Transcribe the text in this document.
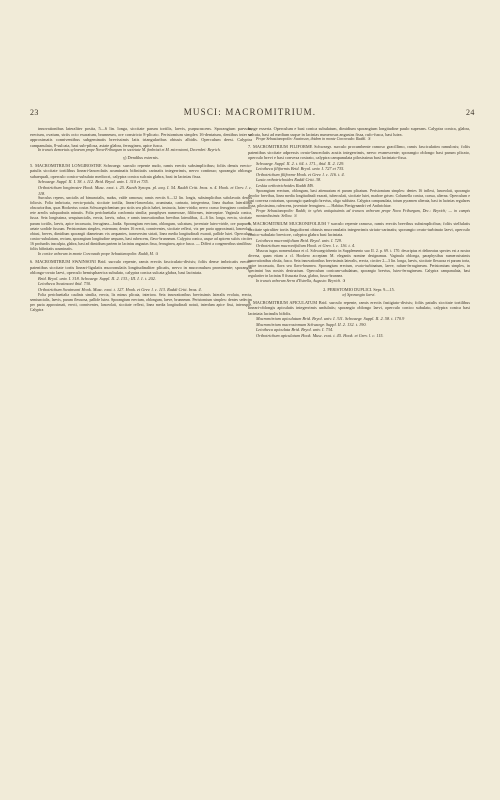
23	MUSCI: MACROMITRIUM.	24

innovationibus lateraliter posita, 5—6 lin. longa, siccitate parum tortilis, laevis, purpurascens. Sporangium parvum, erectum, ovatum, striis octo exaratum, brunneum, ore constricto 8-plicato. Peristomium simplex 16-dentatum, dentibus inter se approximatis conniventibus subgeminatis brevissimis latis triangularibus obtusis albidis. Operculum deest. Calyptra campanulata, 8-sulcata, basi sub-pilosa, astate glabra, ferruginea, apice fusca.

In truncis demortuis sylvarum prope Nova-Friburgum in societate M. fimbriati et M. microstomi, Decembri: Beyrich.

γ) Dendilus externis.

5. MACROMITRIUM LONGIROSTRE Schwaegr. surculo repente nudo, ramis erectis subsimplicibus; foliis densis erecto-patulis siccitate tortilibus lineari-lanceolatis acuminatis bifinitatis carinatis integerrimis, nervo continuo; sporangio oblongo subaequali, operculo conico-subulato mediocri, calyptra conica sulcata glabra, basi in lacinias fissa.

Schwaegr. Suppl. II. I. 38. t. 112. Brid. Bryol. univ. I. 310 et 735.

Orthotrichum longirostre Hook. Musc. exot. t. 25. Kunth Synops. pl. aeq. I. 54. Raddi Critt. bras. n. 4. Hook. et Grev. l. c. 118.

Surculus repens, uncialis ad bimuncialis, nudus, valde ramosus; ramis erectis 6—12 lin. longis, subsimplicibus subclavatis densis foliosis. Folia imbricata, erecto-patula, siccitate tortilia, lineari-lanceolata, acuminata, carinata, integerrima, linea duabus lateralibus obscurioribus, quas Hookerius costas Schwaegrichenium pro striis seu plicis habet, instructa, luteo-viridia; nervo crasso ferrugineo continuo; rete areolis subquadratis minutis. Folia perichaetialia conformia similia; paraphyses numerosae, filiformes, interceptae. Vaginula conica, fusca. Seta longissima, sesquiuncialis, erecta, laevis, rubra, e ramis innovationibus brevibus lateralibus, 4—6 lin. longa, erecta, siccitate parum tortilis, laevis, apice incrassata, ferruginea—badia. Sporangium erectum, oblongum, sulcatum, juventute luteo-viride, ore purpureo, aetate sordide fuscum. Peristomium simplex, externum; dentes 16 erecti, conniventes, siccitate reflexi, vix per paria approximati, lanceolati, obtusi, breves, dimidium sporangii diametrum vix aequantes, transversim striati, linea media longitudinali exarati, pallide lutei. Operculum conico-subulatum, rectum, sporangium longitudine aequans, basi rubescens, flavo-brunneum. Calyptra conica, usque ad apicem sulcis circiter 16 profundis insculpta, glabra, basi ad dimidium partem in lacinias angustas fissa, ferruginea, apice fusca. — Differt a congeneribus similibus: foliis bifinitatis acuminatis.

In cortice arborum in monte Corcovado prope Sebastianopolin: Raddi, M. ♃

6. MACROMITRIUM SWAINSONI Brid. surculo repente, ramis erectis fasciculato-divisis; foliis dense imbricatis erecto-patentibus siccitate tortis lineari-ligulatis mucronulatis longitudinaliter plicatis, nervo in mucronulum prominente; sporangio oblongo-ovato laevi, operculo hemisphaerica subulato, calyptra conica sulcata glabra, basi laciniata.

Brid. Bryol. univ. I. 318. Schwaegr. Suppl. II. 2. 133.; III. I. 1. t. 202.

Leiotheca Swainsoni ibid. 730.

Orthotrichum Swainsoni Hook. Musc. exot. t. 127. Hook. et Grev. l. c. 113. Raddi Critt. bras. 4.

Folia perichaetialia caulinis similia, erecta, lis minus plicata, interiora. Seta innovationibus brevissimis lateralis evoluta, erecta, semiuncialis, laevis, parum flexuosa, pallide lutea. Sporangium erectum, oblongum, laeve, brunneum. Peristomium simplex: dentes sedecim per paria approximati, erecti, conniventes, lanceolati, siccitate reflexi, linea media longitudinali notati, interdum apice fissi, interrupte. Calyptra

longe exserta. Operculum e basi conica subulatum, dimidium sporangium longitudine paulo superans. Calyptra conica, glabra, sulcata, basi ad medium usque in lacinias numerosas angustas fissa, rufo-fusca, basi lutea.

Prope Sebastianopolin: Swainson, ibidem in monte Corcovado: Raddi. ♃

7. MACROMITRIUM FILIFORME Schwaegr. surculo procumbente ramoso gracillimo, ramis fasciculatim ramulosis; foliis patentibus siccitate adpressis ovato-lanceolatis acutis integerrimis, nervo evanescente; sporangio oblongo basi parum plicato, operculo brevi e basi convexa rostrato, calyptra campanulata pilosissima basi laciniato-fissa.

Schwaegr. Suppl. II. 2. t. 64. t. 171., ibid. II. 2. 129.

Leiotheca filiformis Brid. Bryol. univ. I. 727 et 735.

Orthotrichum filiforme Hook. et Grev. l. c. 116. t. 4.

Lasia orthotrichoides Raddi Critt. 38.

Leskia orthotrichoides Raddi MS.

Sporangium erectum, oblongum, basi attenuatum et parum plicatum. Peristomium simplex: dentes 16 inflexi, lanceolati, sporangio decolor brevibus, linea media longitudinali exarati, tuberculati, siccitate lutei, madore griseo. Columella conica, crassa, alterna. Operculum e basi convexa rostratum, sporangio quadruplo brevius, oligo sublutea. Calyptra campanulata, totum pyramen alterata, basi in lacinias regulares fissa, pilosissima, rufescens, juventute ferruginea. — Habitus Pterigynandri vel Anthrichiae.

Prope Sebastianopolin: Raddi; in sylvis antiquissimis ad truncos arborum prope Nova Friburgum, Dec.: Beyrich; — in campis montenlissimis: Sellow. ♃

8. MACROMITRIUM MUCRONIFOLIUM ? surculo repente ramoso, ramis erectis brevibus subsimplicibus; foliis stellulatis siccitate spiraliter tortis linguiformi obtusis mucronulatis integerrimis striato-carinatis; sporangio ovato-turbinato laevi, operculo conico-subulato breviore, calyptra glabra basi laciniata.

Leiotheca mucronifolium Brid. Bryol. univ. I. 729.

Orthotrichum mucronifolium Hook. et Grev. l. c. 116. t. 4.

Muscus iugus nomenclatura et cl. Schwaegrichenio in Supplemento suo II. 2. p. 69. t. 170. descriptus et delineatus species est a nostra diversa, quam etiam a cl. Hookero acceptam M. elegantis nomine designamus. Vaginula oblonga, paraphysibus numerosissimis innovationibus obsita, fusca. Seta innovationibus brevissimis lateralis, erecta, circiter 2—3 lin. longa, laevis, siccitate flexuosa et parum torta, apice incrassata, flava seu flavo-brunnea. Sporangium erectum, ovato-turbinatum, laeve, rufum-ferrugineum. Peristomium simplex, in specimini bus nostris destructum. Operculum conicum-subulatum, sporangio brevius, luteo-ferrugineum. Calyptra campanulata, basi regulariter in lacinias 8 fissurata fissa, glabra, fusco-brunnea.

In truncis arborum Serra d'Estrella, Augusto: Beyrich. ♃

2. PERISTOMIO DUPLICI. Sepr. 9—15.

α) Sporangio laevi.

9. MACROMITRIUM APICULATUM Brid. surculo repente, ramis erectis fastigiato-divisis; foliis patulis siccitate tortilibus lineari-oblongis apiculatis integerrimis undulatis; sporangio oblongo laevi, operculo conico subulato, calyptra conica basi laciniata lacinulis bifidis.

Macromitrium apiculatum Brid. Bryol. univ. I. 311. Schwaegr. Suppl. II. 2. 58. t. 170.9

Macromitrium macrostomum Schwaegr. Suppl. II. 2. 132. t. 190.

Leiotheca apiculata Brid. Bryol. univ. I. 734.

Orthotrichum apiculatum Hook. Musc. exot. t. 45. Hook. et Grev. l. c. 115.
